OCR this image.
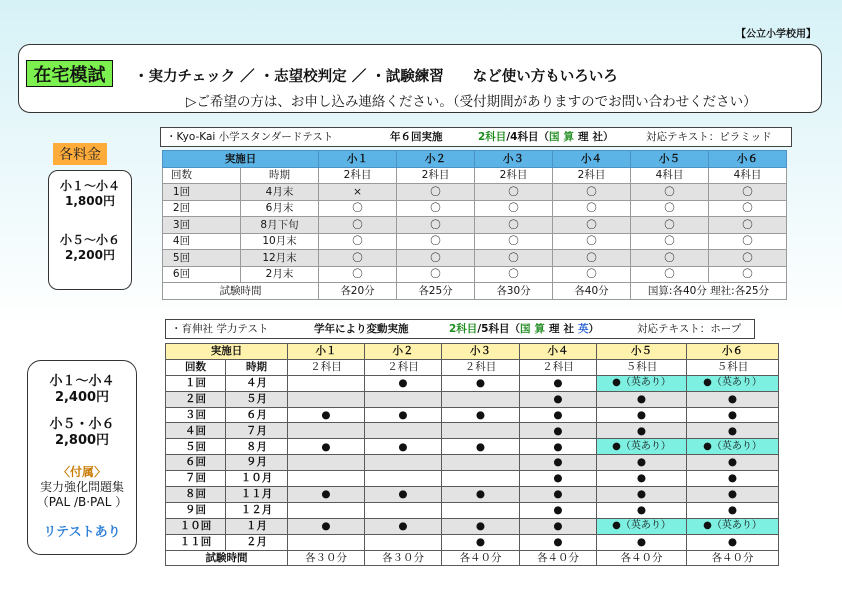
【公立小学校用】
在宅模試	・実力チェック ／ ・志望校判定 ／ ・試験練習　　など使い方もいろいろ
▷ご希望の方は、お申し込み連絡ください。（受付期間がありますのでお問い合わせください）
各料金
小１～小４
1,800円
小５～小６
2,200円
小１～小４
2,400円
小５・小６
2,800円
〈付属〉
実力強化問題集
（PAL /B·PAL ）
リテストあり
・Kyo-Kai 小学スタンダードテスト	年６回実施	2科目/4科目（国 算 理 社）	対応テキスト：ピラミッド
実施日		小１	小２	小３	小４	小５	小６
回数	時期	2科目	2科目	2科目	2科目	4科目	4科目
1回	4月末	×	〇	〇	〇	〇	〇
2回	6月末	〇	〇	〇	〇	〇	〇
3回	8月下旬	〇	〇	〇	〇	〇	〇
4回	10月末	〇	〇	〇	〇	〇	〇
5回	12月末	〇	〇	〇	〇	〇	〇
6回	2月末	〇	〇	〇	〇	〇	〇
試験時間		各20分	各25分	各30分	各40分	国算:各40分 理社:各25分	
・育伸社 学力テスト	学年により変動実施	2科目/5科目（国 算 理 社 英）	対応テキスト：ホープ
実施日		小１	小２	小３	小４	小５	小６
回数	時期	２科目	２科目	２科目	２科目	５科目	５科目
１回	４月		●	●	●	●（英あり）	●（英あり）
２回	５月				●	●	●
３回	６月	●	●	●	●	●	●
４回	７月				●	●	●
５回	８月	●	●	●	●	●（英あり）	●（英あり）
６回	９月				●	●	●
７回	１０月				●	●	●
８回	１１月	●	●	●	●	●	●
９回	１２月				●	●	●
１０回	１月	●	●	●	●	●（英あり）	●（英あり）
１１回	２月			●	●	●	●
試験時間		各３０分	各３０分	各４０分	各４０分	各４０分	各４０分
